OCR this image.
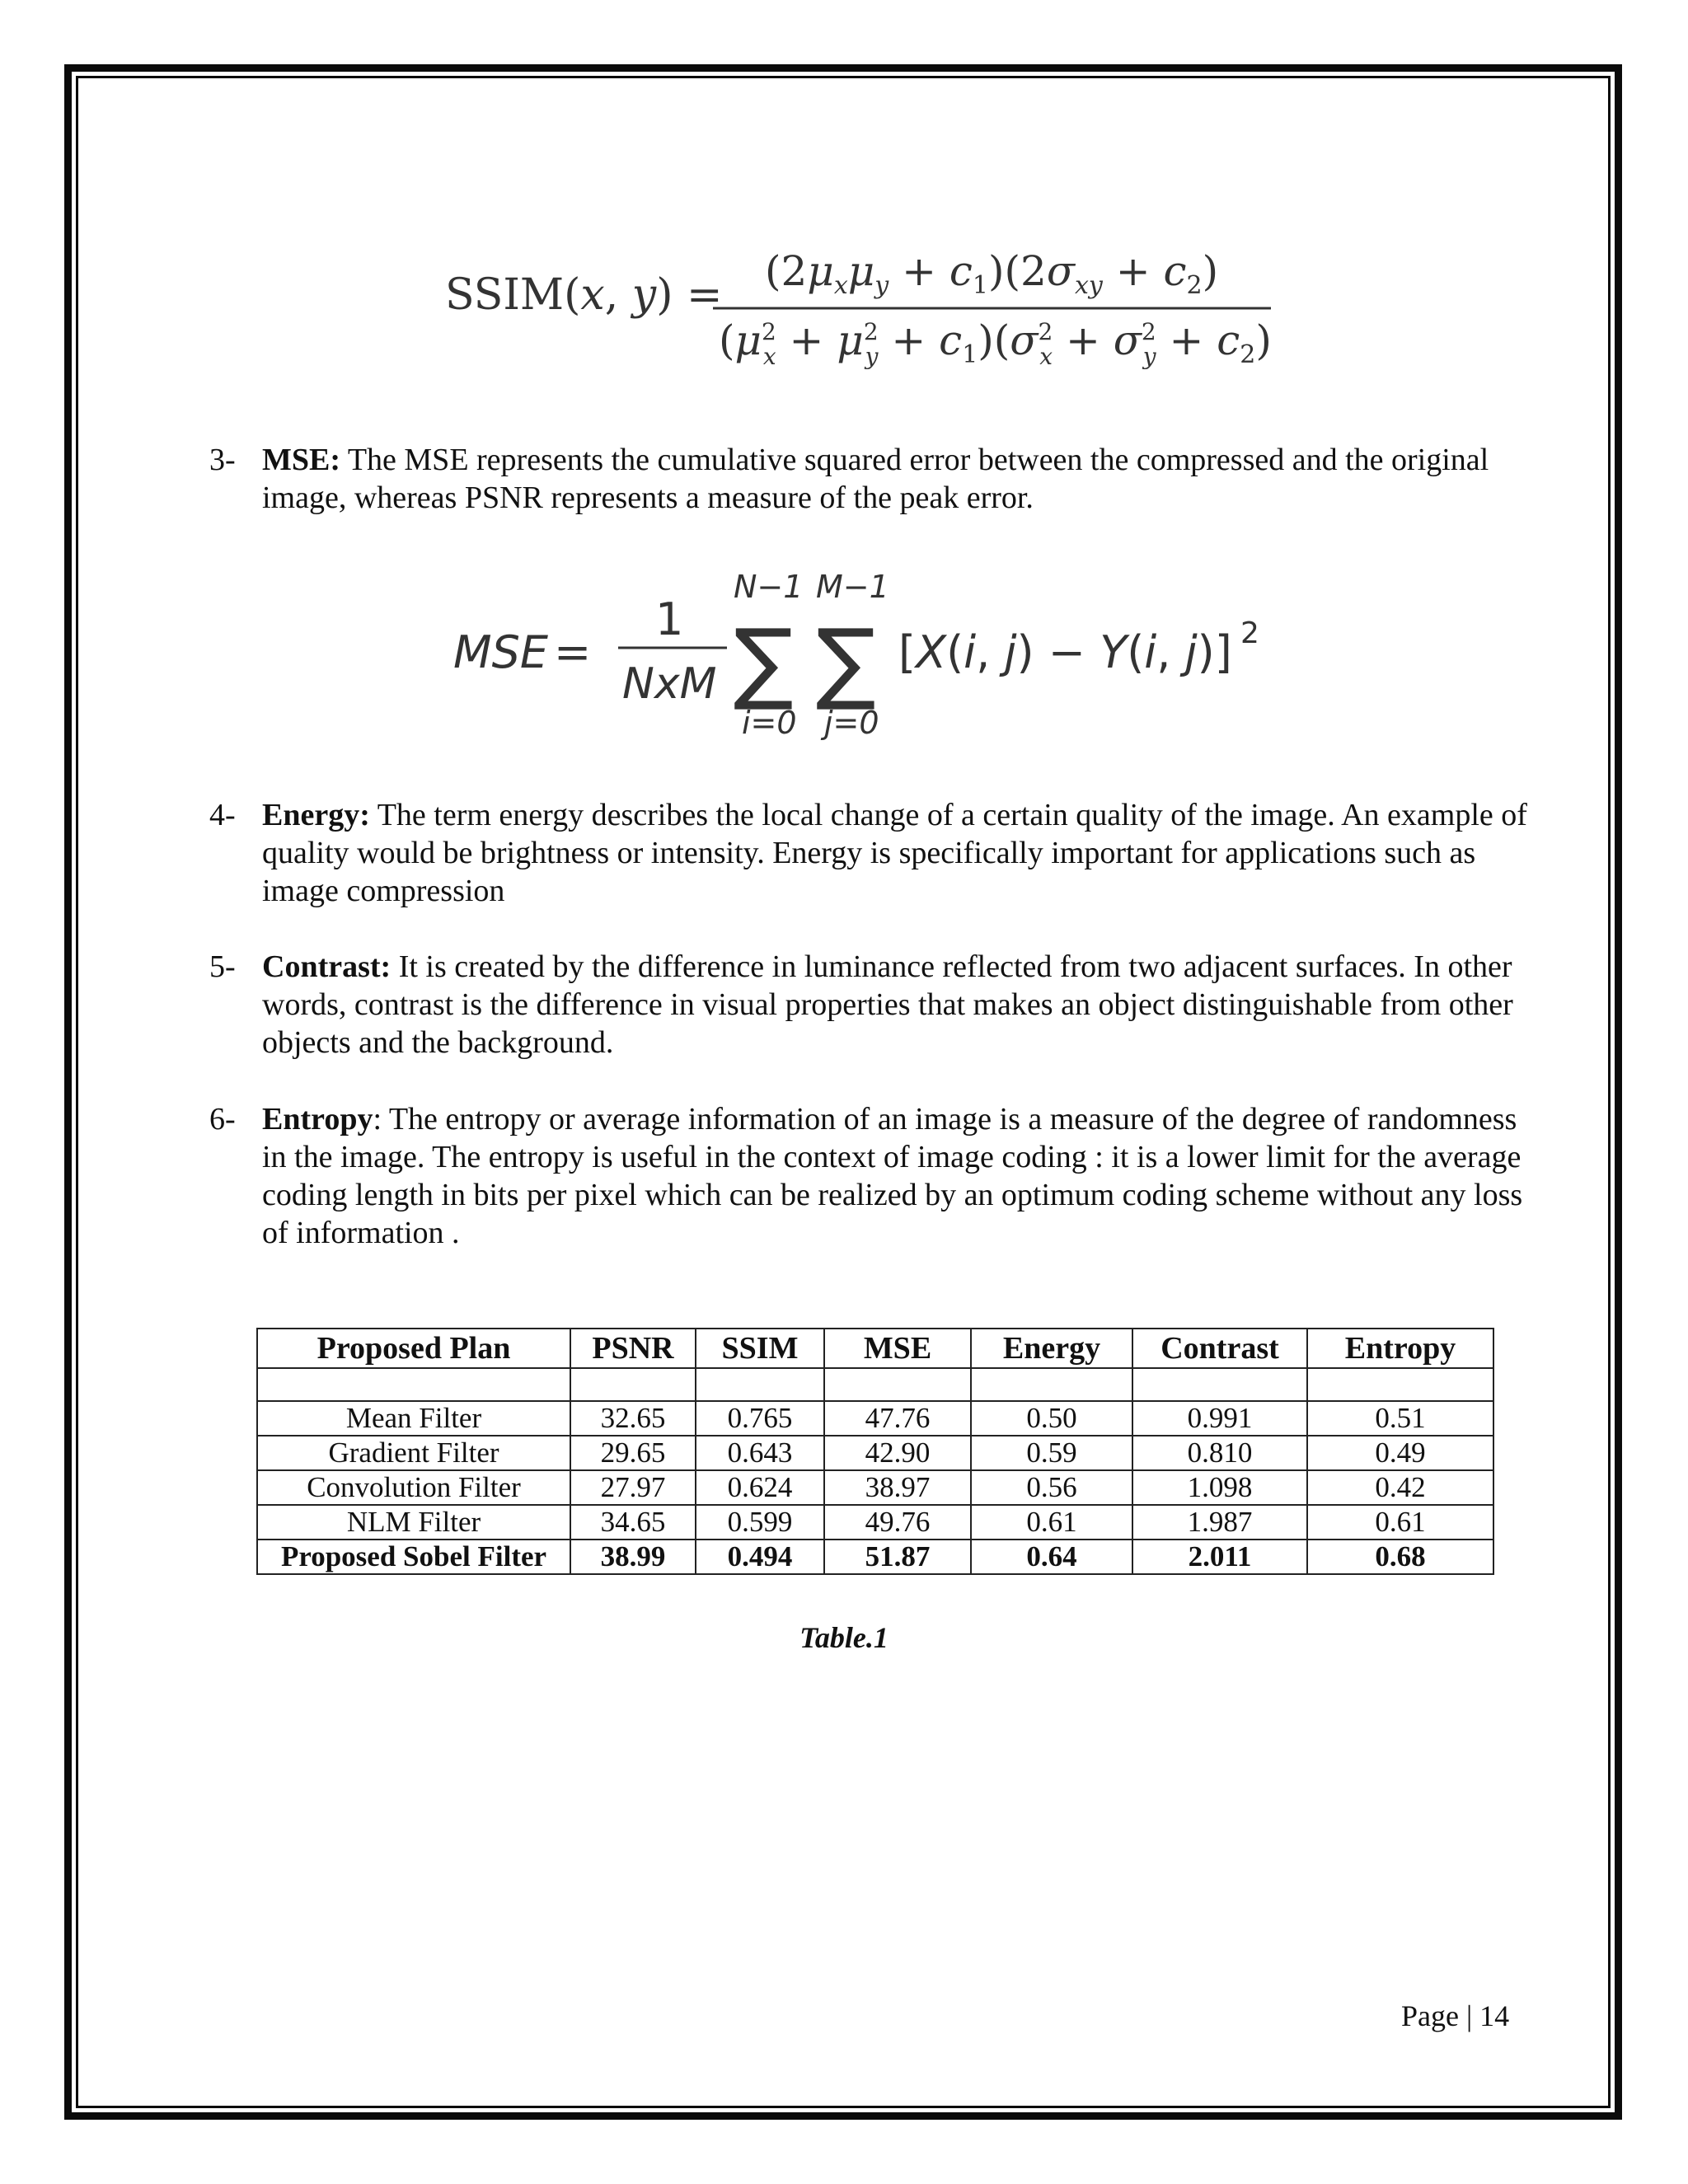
SSIM(x, $y) = (2\mu_x\mu_y + c_1)(2\sigma_{xy} + c_2)$
($\mu^2$ $x + \mu^2$ $y + c_1)(\sigma^2$ $x + \sigma^2$ $y + c_2$)
3- MSE: The MSE represents the cumulative squared error between the compressed and the original image, whereas PSNR represents a measure of the peak error.
MSE =
1
NxM
N−1 M−1
∑ ∑
i=0 j=0
[X(i, j) − Y(i, j)] 2
4- Energy: The term energy describes the local change of a certain quality of the image. An example of quality would be brightness or intensity. Energy is specifically important for applications such as image compression
5- Contrast: It is created by the difference in luminance reflected from two adjacent surfaces. In other words, contrast is the difference in visual properties that makes an object distinguishable from other objects and the background.
6- Entropy: The entropy or average information of an image is a measure of the degree of randomness in the image. The entropy is useful in the context of image coding : it is a lower limit for the average coding length in bits per pixel which can be realized by an optimum coding scheme without any loss of information .
Proposed Plan	PSNR	SSIM	MSE	Energy	Contrast	Entropy

Mean Filter	32.65	0.765	47.76	0.50	0.991	0.51
Gradient Filter	29.65	0.643	42.90	0.59	0.810	0.49
Convolution Filter	27.97	0.624	38.97	0.56	1.098	0.42
NLM Filter	34.65	0.599	49.76	0.61	1.987	0.61
Proposed Sobel Filter	38.99	0.494	51.87	0.64	2.011	0.68
Table.1
Page | 14
